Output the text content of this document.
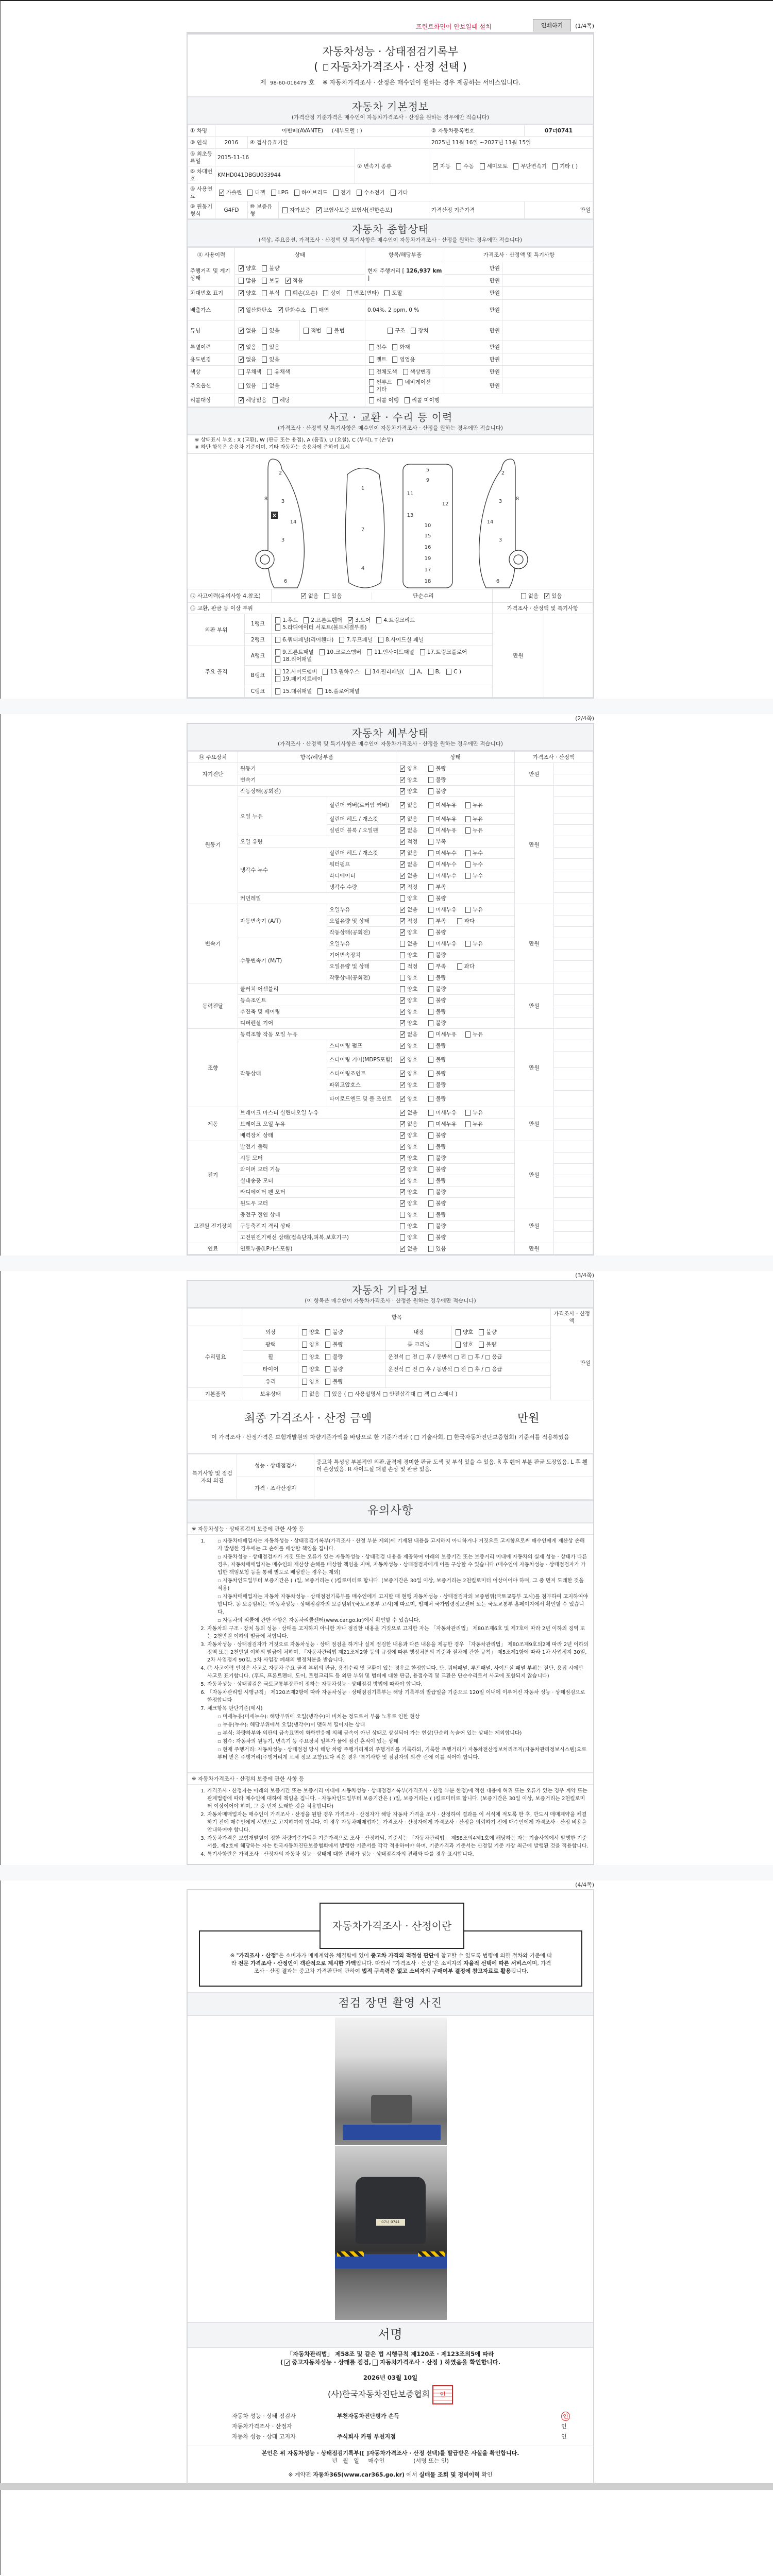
프린트화면이 안보일때 설치	인쇄하기	(1/4쪽)
자동차성능 · 상태점검기록부
( 자동차가격조사 · 산정 선택 )
제 98-60-016479 호 ※ 자동차가격조사 · 산정은 매수인이 원하는 경우 제공하는 서비스입니다.
자동차 기본정보
(가격산정 기준가격은 매수인이 자동차가격조사 · 산정을 원하는 경우에만 적습니다)
① 차명	아반떼(AVANTE) (세부모델 : )				② 자동차등록번호	07너0741
③ 연식	2016	④ 검사유효기간			2025년 11월 16일 ~2027년 11월 15일	
⑤ 최초등록일	2015-11-16			⑦ 변속기 종류	✓자동 수동 세미오토 무단변속기 기타 ( )
⑥ 차대번호	KMHD041DBGU033944					
⑧ 사용연료	✓가솔린 디젤 LPG 하이브리드 전기 수소전기 기타
⑨ 원동기형식	G4FD	⑩ 보증유형	자가보증 ✓ 보험사보증 보험사[신한손보]		가격산정 기준가격	만원
자동차 종합상태
(색상, 주요옵션, 가격조사 · 산정액 및 특기사항은 매수인이 자동차가격조사 · 산정을 원하는 경우에만 적습니다)
⑪ 사용이력	상태		항목/해당부품	가격조사 · 산정액 및 특기사항	
주행거리 및 계기상태	✓양호 불량		현재 주행거리 [ 126,937 km ]	만원	
	많음 보통 ✓ 적음			만원	
차대번호 표기	✓양호 부식 훼손(오손) 상이 변조(변타) 도말			만원	
배출가스	✓일산화탄소 ✓ 탄화수소 매연		0.04%, 2 ppm, 0 %	만원	
튜닝	✓없음 있음	적법 불법	구조 장치	만원	
특별이력	✓없음 있음		침수 화재	만원	
용도변경	✓없음 있음		렌트 영업용	만원	
색상	무채색 유채색		전체도색 색상변경	만원	
주요옵션	있음 없음		썬루프 네비게이션기타	만원	
리콜대상	✓해당없음 해당		리콜 이행 리콜 미이행		
사고 · 교환 · 수리 등 이력
(가격조사 · 산정액 및 특기사항은 매수인이 자동차가격조사 · 산정을 원하는 경우에만 적습니다)
※ 상태표시 부호 : X (교환), W (판금 또는 용접), A (흠집), U (요철), C (부식), T (손상)
※ 하단 항목은 승용차 기준이며, 기타 자동차는 승용차에 준하여 표시
2
1
5
9
11
12
13
10
15
3
8
14
3
6
7
4
16
19
17
18
2
3	8
14
3
6
X
⑫ 사고이력(유의사항 4.참조)	✓없음 있음 단순수리	없음 ✓ 있음
⑬ 교환, 판금 등 이상 부위			가격조사 · 산정액 및 특기사항	
외판 부위	1랭크	1.후드 2.프론트휀더 ✓ 3.도어 4.트렁크리드5.라디에이터 서포트(볼트체결부품)	만원	
	2랭크	6.쿼터패널(리어휀다) 7.루프패널 8.사이드실 패널		
주요 골격	A랭크	9.프론트패널 10.크로스멤버 11.인사이드패널 17.트렁크플로어18.리어패널		
	B랭크	12.사이드멤버 13.휠하우스 14.필러패널( A, B, C )19.패키지트레이		
	C랭크	15.대쉬패널 16.플로어패널		
(2/4쪽)
자동차 세부상태
(가격조사 · 산정액 및 특기사항은 매수인이 자동차가격조사 · 산정을 원하는 경우에만 적습니다)
⑭ 주요장치	항목/해당부품		상태	가격조사 · 산정액	
자기진단	원동기	✓양호 불량	만원	
	변속기	✓양호 불량	
원동기	작동상태(공회전)	✓양호 불량	만원	
	오일 누유	실린더 커버(로커암 커버)	✓없음 미세누유 누유	
		실린더 헤드 / 개스킷	✓없음 미세누유 누유	
		실린더 블록 / 오일팬	✓없음 미세누유 누유	
	오일 유량	✓적정 부족	
	냉각수 누수	실린더 헤드 / 개스킷	✓없음 미세누수 누수	
		워터펌프	✓없음 미세누수 누수	
		라디에이터	✓없음 미세누수 누수	
		냉각수 수량	✓적정 부족	
	커먼레일		양호 불량		
변속기	자동변속기 (A/T)	오일누유	✓없음 미세누유 누유	만원	
		오일유량 및 상태	✓적정 부족 과다	
		작동상태(공회전)	✓양호 불량	
	수동변속기 (M/T)	오일누유	없음 미세누유 누유		
		기어변속장치	양호 불량		
		오일유량 및 상태	적정 부족 과다		
		작동상태(공회전)	양호 불량		
동력전달	클러치 어셈블리		양호 불량	만원	
	등속조인트	✓양호 불량	
	추진축 및 베어링	✓양호 불량	
	디퍼렌셜 기어	✓양호 불량	
조향	동력조향 작동 오일 누유	✓없음 미세누유 누유	만원	
	작동상태	스티어링 펌프	✓양호 불량	
		스티어링 기어(MDPS포함)	✓양호 불량	
		스티어링조인트	✓양호 불량	
		파워고압호스	✓양호 불량	
		타이로드엔드 및 볼 조인트	✓양호 불량	
제동	브레이크 마스터 실린더오일 누유	✓없음 미세누유 누유	만원	
	브레이크 오일 누유	✓없음 미세누유 누유	
	배력장치 상태	✓양호 불량	
전기	발전기 출력	✓양호 불량	만원	
	시동 모터	✓양호 불량	
	와이퍼 모터 기능	✓양호 불량	
	실내송풍 모터	✓양호 불량	
	라디에이터 팬 모터	✓양호 불량	
	윈도우 모터	✓양호 불량	
고전원 전기장치	충전구 절연 상태		양호 불량	만원	
	구동축전지 격리 상태		양호 불량		
	고전원전기배선 상태(접속단자,피복,보호기구)		양호 불량		
연료	연료누출(LP가스포함)	✓없음 있음	만원	
(3/4쪽)
자동차 기타정보
(이 항목은 매수인이 자동차가격조사 · 산정을 원하는 경우에만 적습니다)
	항목				가격조사 · 산정액
수리필요	외장	양호 불량	내장	양호 불량	만원
	광택	양호 불량	룸 크리닝	양호 불량	
	휠	양호 불량	운전석 □ 전 □ 후 / 동반석 □ 전 □ 후 / □ 응급		
	타이어	양호 불량	운전석 □ 전 □ 후 / 동반석 □ 전 □ 후 / □ 응급		
	유리	양호 불량			
기본품목	보유상태	없음 있음 ( □ 사용설명서 □ 안전삼각대 □ 잭 □ 스패너 )			
최종 가격조사 · 산정 금액	만원
이 가격조사 · 산정가격은 보험개발원의 차량기준가액을 바탕으로 한 기준가격과 ( □ 기술사회, □ 한국자동차진단보증협회) 기준서를 적용하였음
특기사항 및 점검자의 의견	성능 · 상태점검자	중고차 특성상 부분적인 외판,골격에 경미한 판금 도색 및 부식 있을 수 있음. R 후 휀더 부분 판금 도장있음. L 후 휀더 손상있음. R 사이드실 패널 손상 및 판금 있음.
	가격 · 조사산정자	
유의사항
※ 자동차성능 · 상태점검의 보증에 관한 사항 등
▫ 1. 자동차매매업자는 자동차성능 · 상태점검기록부(가격조사 · 산정 부분 제외)에 기재된 내용을 고지하지 아니하거나 거짓으로 고지함으로써 매수인에게 재산상 손해가 발생한 경우에는 그 손해를 배상할 책임을 집니다.
▫ 자동차성능 · 상태점검자가 거짓 또는 오류가 있는 자동차성능 · 상태점검 내용을 제공하여 아래의 보증기간 또는 보증거리 이내에 자동차의 실제 성능 · 상태가 다른 경우, 자동차매매업자는 매수인의 재산상 손해를 배상할 책임을 지며, 자동차성능 · 상태점검자에게 이를 구상할 수 있습니다.(매수인이 자동차성능 · 상태점검자가 가입한 책임보험 등을 통해 별도로 배상받는 경우는 제외)
▫ 자동차인도일부터 보증기간은 ( )일, 보증거리는 ( )킬로미터로 합니다. (보증기간은 30일 이상, 보증거리는 2천킬로미터 이상이어야 하며, 그 중 먼저 도래한 것을 적용)
▫ 자동차매매업자는 자동차 자동차성능 · 상태점검기록부를 매수인에게 고지할 때 현행 자동차성능 · 상태점검자의 보증범위(국토교통부 고시)를 첨부하여 고지하여야 합니다. 동 보증범위는 '자동차성능 · 상태점검자의 보증범위'(국토교통부 고시)에 따르며, 법제처 국가법령정보센터 또는 국토교통부 홈페이지에서 확인할 수 있습니다.
▫ 자동차의 리콜에 관한 사항은 자동차리콜센터(www.car.go.kr)에서 확인할 수 있습니다.
2. 자동차의 구조 · 장치 등의 성능 · 상태를 고지하지 아니한 자나 점검한 내용을 거짓으로 고지한 자는 「자동차관리법」 제80조제6호 및 제7호에 따라 2년 이하의 징역 또는 2천만원 이하의 벌금에 처합니다.
3. 자동차성능 · 상태점검자가 거짓으로 자동차성능 · 상태 점검을 하거나 실제 점검한 내용과 다른 내용을 제공한 경우 「자동차관리법」 제80조제9호의2에 따라 2년 이하의 징역 또는 2천만원 이하의 벌금에 처하며, 「자동차관리법 제21조제2항 등의 규정에 따른 행정처분의 기준과 절차에 관한 규칙」 제5조제1항에 따라 1차 사업정지 30일, 2차 사업정지 90일, 3차 사업장 폐쇄의 행정처분을 받습니다.
4. ⑫ 사고이력 인정은 사고로 자동차 주요 골격 부위의 판금, 용접수리 및 교환이 있는 경우로 한정합니다. 단, 쿼터패널, 루프패널, 사이드실 패널 부위는 절단, 용접 시에만 사고로 표기합니다. (후드, 프론트펜더, 도어, 트렁크리드 등 외판 부위 및 범퍼에 대한 판금, 용접수리 및 교환은 단순수리로서 사고에 포함되지 않습니다)
5. 자동차성능 · 상태점검은 국토교통부장관이 정하는 자동차성능 · 상태점검 방법에 따라야 합니다.
6. 「자동차관리법 시행규칙」 제120조제2항에 따라 자동차성능 · 상태점검기록부는 해당 기록부의 발급일을 기준으로 120일 이내에 이루어진 자동차 성능 · 상태점검으로 한정합니다
7. 체크항목 판단기준(예시)
▫ 미세누유(미세누수): 해당부위에 오일(냉각수)이 비치는 정도로서 부품 노후로 인한 현상
▫ 누유(누수): 해당부위에서 오일(냉각수)이 맺혀서 떨어지는 상태
▫ 부식: 차량하부와 외판의 금속표면이 화학반응에 의해 금속이 아닌 상태로 상실되어 가는 현상(단순히 녹슬어 있는 상태는 제외합니다)
▫ 침수: 자동차의 원동기, 변속기 등 주요장치 일부가 물에 잠긴 흔적이 있는 상태
▫ 현재 주행거리: 자동차성능 · 상태점검 당시 해당 차량 주행거리계의 주행거리를 기록하되, 기록한 주행거리가 자동차전산정보처리조직(자동차관리정보시스템)으로부터 받은 주행거리(주행거리계 교체 정보 포함)보다 적은 경우 '특기사항 및 점검자의 의견' 란에 이를 적어야 합니다.
※ 자동차가격조사 · 산정의 보증에 관한 사항 등
1. 가격조사 · 산정자는 아래의 보증기간 또는 보증거리 이내에 자동차성능 · 상태점검기록부(가격조사 · 산정 부분 한정)에 적힌 내용에 허위 또는 오류가 있는 경우 계약 또는 관계법령에 따라 매수인에 대하여 책임을 집니다. · 자동차인도일부터 보증기간은 ( )일, 보증거리는 ( )킬로미터로 합니다. (보증기간은 30일 이상, 보증거리는 2천킬로미터 이상이어야 하며, 그 중 먼저 도래한 것을 적용합니다)
2. 자동차매매업자는 매수인이 가격조사 · 산정을 원할 경우 가격조사 · 산정자가 해당 자동차 가격을 조사 · 산정하여 결과를 이 서식에 적도록 한 후, 반드시 매매계약을 체결하기 전에 매수인에게 서면으로 고지하여야 합니다. 이 경우 자동차매매업자는 가격조사 · 산정자에게 가격조사 · 산정을 의뢰하기 전에 매수인에게 가격조사 · 산정 비용을 안내하여야 합니다.
3. 자동차가격은 보험개발원이 정한 차량기준가액을 기준가격으로 조사 · 산정하되, 기준서는 「자동차관리법」 제58조의4제1호에 해당하는 자는 기술사회에서 발행한 기준서를, 제2호에 해당하는 자는 한국자동차진단보증협회에서 발행한 기준서를 각각 적용하여야 하며, 기준가격과 기준서는 산정일 기준 가장 최근에 발행된 것을 적용합니다.
4. 특기사항란은 가격조사 · 산정자의 자동차 성능 · 상태에 대한 견해가 성능 · 상태점검자의 견해와 다를 경우 표시합니다.
(4/4쪽)
자동차가격조사 · 산정이란
※ "가격조사 · 산정"은 소비자가 매매계약을 체결함에 있어 중고차 가격의 적절성 판단에 참고할 수 있도록 법령에 의한 절차와 기준에 따라 전문 가격조사 · 산정인이 객관적으로 제시한 가액입니다. 따라서 "가격조사 · 산정"은 소비자의 자율적 선택에 따른 서비스이며, 가격조사 · 산정 결과는 중고차 가격판단에 관하여 법적 구속력은 없고 소비자의 구매여부 결정에 참고자료로 활용됩니다.
점검 장면 촬영 사진
07너 0741
서명
「자동차관리법」 제58조 및 같은 법 시행규칙 제120조 · 제123조의5에 따라
( ✓ 중고자동차성능 · 상태를 점검, 자동차가격조사 · 산정 ) 하였음을 확인합니다.
2026년 03월 10일
(사)한국자동차진단보증협회 인
자동차 성능 · 상태 점검자	부천자동차진단평가 손득	인
자동차가격조사 · 산정자	인
자동차 성능 · 상태 고지자	주식회사 카핑 부천지점	인
본인은 위 자동차성능 · 상태점검기록부([ ]자동차가격조사 · 산정 선택)를 발급받은 사실을 확인합니다.
년   월   일     매수인                (서명 또는 인)
※ 계약전 자동차365(www.car365.go.kr) 에서 실매물 조회 및 정비이력 확인
